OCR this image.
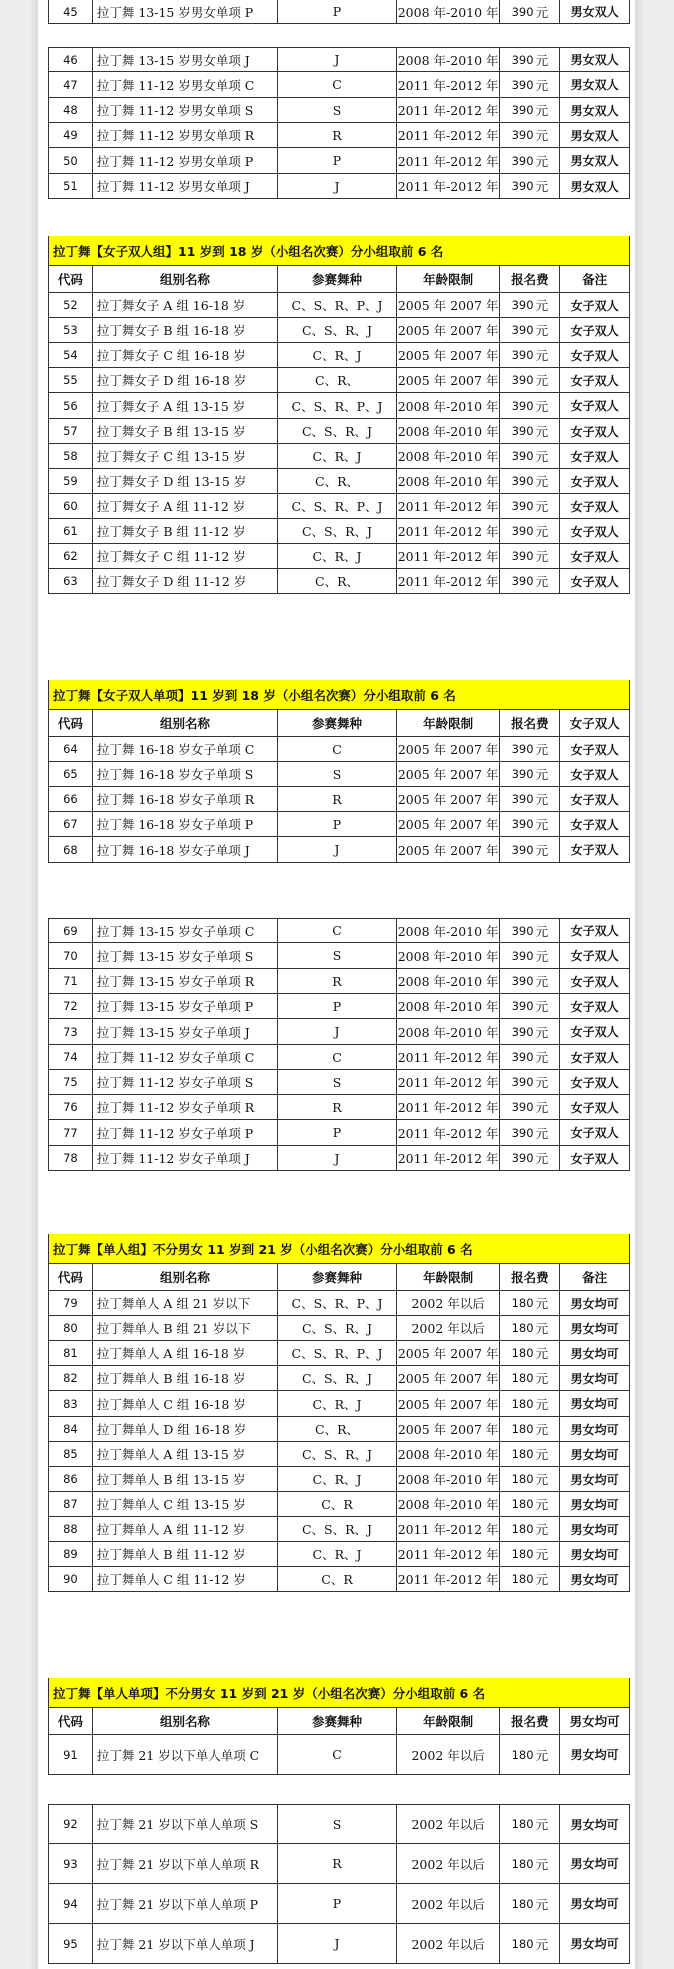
45	拉丁舞 13-15 岁男女单项 P	P	2008 年-2010 年 390 元	男女双人
46	拉丁舞 13-15 岁男女单项 J	J	2008 年-2010 年 390 元	男女双人
47	拉丁舞 11-12 岁男女单项 C	C	2011 年-2012 年 390 元	男女双人
48	拉丁舞 11-12 岁男女单项 S	S	2011 年-2012 年 390 元	男女双人
49	拉丁舞 11-12 岁男女单项 R	R	2011 年-2012 年 390 元	男女双人
50	拉丁舞 11-12 岁男女单项 P	P	2011 年-2012 年 390 元	男女双人
51	拉丁舞 11-12 岁男女单项 J	J	2011 年-2012 年 390 元	男女双人
拉丁舞【女子双人组】11 岁到 18 岁（小组名次赛）分小组取前 6 名
代码	组别名称	参赛舞种	年龄限制	报名费	备注
52	拉丁舞女子 A 组 16-18 岁	C、S、R、P、J	2005 年 2007 年 390 元	女子双人
53	拉丁舞女子 B 组 16-18 岁	C、S、R、J	2005 年 2007 年 390 元	女子双人
54	拉丁舞女子 C 组 16-18 岁	C、R、J	2005 年 2007 年 390 元	女子双人
55	拉丁舞女子 D 组 16-18 岁	C、R、	2005 年 2007 年 390 元	女子双人
56	拉丁舞女子 A 组 13-15 岁	C、S、R、P、J	2008 年-2010 年 390 元	女子双人
57	拉丁舞女子 B 组 13-15 岁	C、S、R、J	2008 年-2010 年 390 元	女子双人
58	拉丁舞女子 C 组 13-15 岁	C、R、J	2008 年-2010 年 390 元	女子双人
59	拉丁舞女子 D 组 13-15 岁	C、R、	2008 年-2010 年 390 元	女子双人
60	拉丁舞女子 A 组 11-12 岁	C、S、R、P、J	2011 年-2012 年 390 元	女子双人
61	拉丁舞女子 B 组 11-12 岁	C、S、R、J	2011 年-2012 年 390 元	女子双人
62	拉丁舞女子 C 组 11-12 岁	C、R、J	2011 年-2012 年 390 元	女子双人
63	拉丁舞女子 D 组 11-12 岁	C、R、	2011 年-2012 年 390 元	女子双人
拉丁舞【女子双人单项】11 岁到 18 岁（小组名次赛）分小组取前 6 名
代码	组别名称	参赛舞种	年龄限制	报名费	女子双人
64	拉丁舞 16-18 岁女子单项 C	C	2005 年 2007 年 390 元	女子双人
65	拉丁舞 16-18 岁女子单项 S	S	2005 年 2007 年 390 元	女子双人
66	拉丁舞 16-18 岁女子单项 R	R	2005 年 2007 年 390 元	女子双人
67	拉丁舞 16-18 岁女子单项 P	P	2005 年 2007 年 390 元	女子双人
68	拉丁舞 16-18 岁女子单项 J	J	2005 年 2007 年 390 元	女子双人
69	拉丁舞 13-15 岁女子单项 C	C	2008 年-2010 年 390 元	女子双人
70	拉丁舞 13-15 岁女子单项 S	S	2008 年-2010 年 390 元	女子双人
71	拉丁舞 13-15 岁女子单项 R	R	2008 年-2010 年 390 元	女子双人
72	拉丁舞 13-15 岁女子单项 P	P	2008 年-2010 年 390 元	女子双人
73	拉丁舞 13-15 岁女子单项 J	J	2008 年-2010 年 390 元	女子双人
74	拉丁舞 11-12 岁女子单项 C	C	2011 年-2012 年 390 元	女子双人
75	拉丁舞 11-12 岁女子单项 S	S	2011 年-2012 年 390 元	女子双人
76	拉丁舞 11-12 岁女子单项 R	R	2011 年-2012 年 390 元	女子双人
77	拉丁舞 11-12 岁女子单项 P	P	2011 年-2012 年 390 元	女子双人
78	拉丁舞 11-12 岁女子单项 J	J	2011 年-2012 年 390 元	女子双人
拉丁舞【单人组】不分男女 11 岁到 21 岁（小组名次赛）分小组取前 6 名
代码	组别名称	参赛舞种	年龄限制	报名费	备注
79	拉丁舞单人 A 组 21 岁以下	C、S、R、P、J	2002 年以后	180 元	男女均可
80	拉丁舞单人 B 组 21 岁以下	C、S、R、J	2002 年以后	180 元	男女均可
81	拉丁舞单人 A 组 16-18 岁	C、S、R、P、J	2005 年 2007 年 180 元	男女均可
82	拉丁舞单人 B 组 16-18 岁	C、S、R、J	2005 年 2007 年 180 元	男女均可
83	拉丁舞单人 C 组 16-18 岁	C、R、J	2005 年 2007 年 180 元	男女均可
84	拉丁舞单人 D 组 16-18 岁	C、R、	2005 年 2007 年 180 元	男女均可
85	拉丁舞单人 A 组 13-15 岁	C、S、R、J	2008 年-2010 年 180 元	男女均可
86	拉丁舞单人 B 组 13-15 岁	C、R、J	2008 年-2010 年 180 元	男女均可
87	拉丁舞单人 C 组 13-15 岁	C、R	2008 年-2010 年 180 元	男女均可
88	拉丁舞单人 A 组 11-12 岁	C、S、R、J	2011 年-2012 年 180 元	男女均可
89	拉丁舞单人 B 组 11-12 岁	C、R、J	2011 年-2012 年 180 元	男女均可
90	拉丁舞单人 C 组 11-12 岁	C、R	2011 年-2012 年 180 元	男女均可
拉丁舞【单人单项】不分男女 11 岁到 21 岁（小组名次赛）分小组取前 6 名
代码	组别名称	参赛舞种	年龄限制	报名费	男女均可
91	拉丁舞 21 岁以下单人单项 C	C	2002 年以后	180 元	男女均可
92	拉丁舞 21 岁以下单人单项 S	S	2002 年以后	180 元	男女均可
93	拉丁舞 21 岁以下单人单项 R	R	2002 年以后	180 元	男女均可
94	拉丁舞 21 岁以下单人单项 P	P	2002 年以后	180 元	男女均可
95	拉丁舞 21 岁以下单人单项 J	J	2002 年以后	180 元	男女均可
